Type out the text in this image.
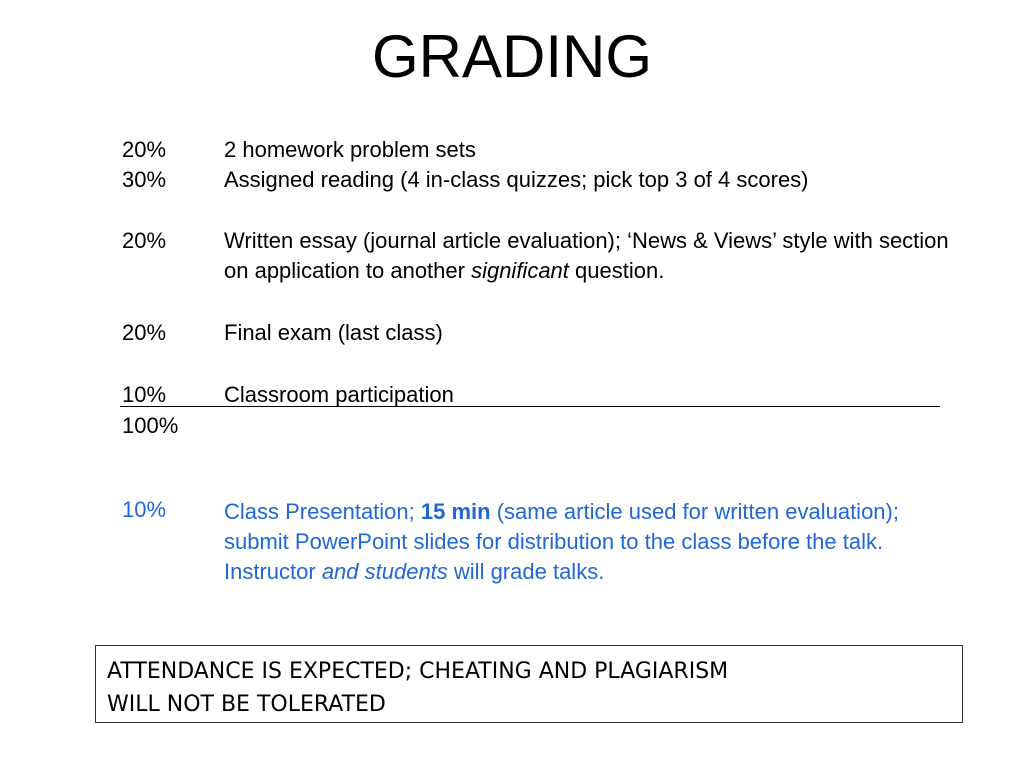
GRADING
20%	2 homework problem sets
30%	Assigned reading (4 in-class quizzes; pick top 3 of 4 scores)
20%	Written essay (journal article evaluation); ‘News & Views’ style with section on application to another significant question.
20%	Final exam (last class)
10%	Classroom participation
100%
10%	Class Presentation; 15 min (same article used for written evaluation); submit PowerPoint slides for distribution to the class before the talk. Instructor and students will grade talks.
ATTENDANCE IS EXPECTED; CHEATING AND PLAGIARISM
WILL NOT BE TOLERATED
